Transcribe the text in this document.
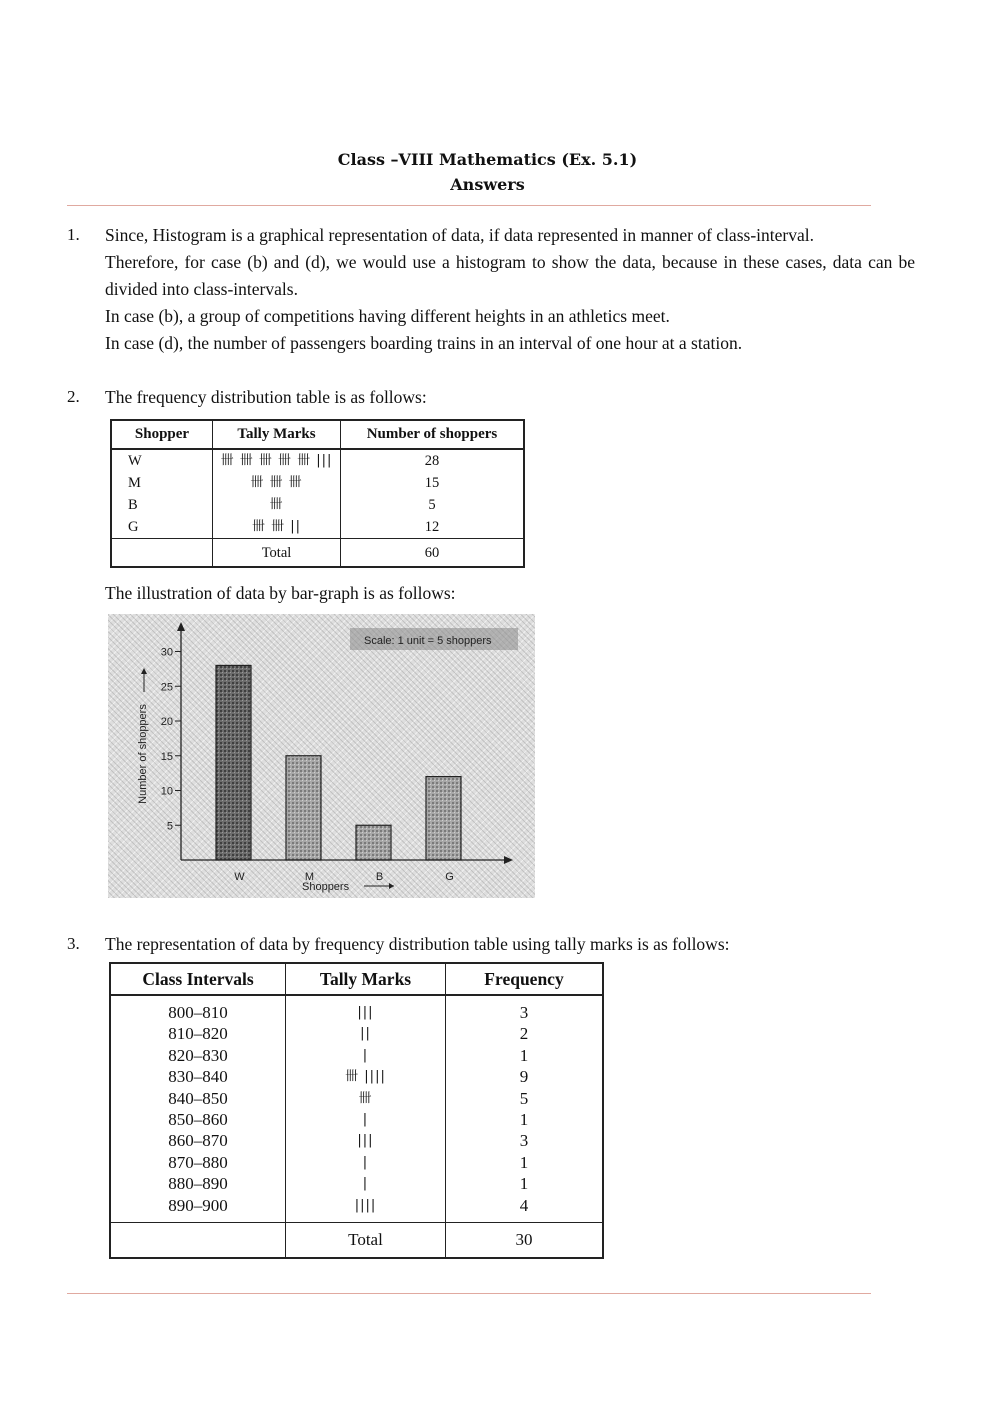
Class –VIII Mathematics (Ex. 5.1)
Answers
1. Since, Histogram is a graphical representation of data, if data represented in manner of class-interval.

Therefore, for case (b) and (d), we would use a histogram to show the data, because in these cases, data can be divided into class-intervals.

In case (b), a group of competitions having different heights in an athletics meet.

In case (d), the number of passengers boarding trains in an interval of one hour at a station.

2. The frequency distribution table is as follows:
Shopper	Tally Marks	Number of shoppers
W	卌 卌 卌 卌 卌 |||	28
M	卌 卌 卌	15
B	卌	5
G	卌 卌 ||	12
	Total	60
The illustration of data by bar-graph is as follows:
Scale: 1 unit = 5 shoppers
Number of shoppers
5
10
15
20
25
30
W	M	B	G
Shoppers
3. The representation of data by frequency distribution table using tally marks is as follows:
Class Intervals	Tally Marks	Frequency
800–810	|||	3
810–820	||	2
820–830	|	1
830–840	卌 ||||	9
840–850	卌	5
850–860	|	1
860–870	|||	3
870–880	|	1
880–890	|	1
890–900	||||	4
	Total	30
